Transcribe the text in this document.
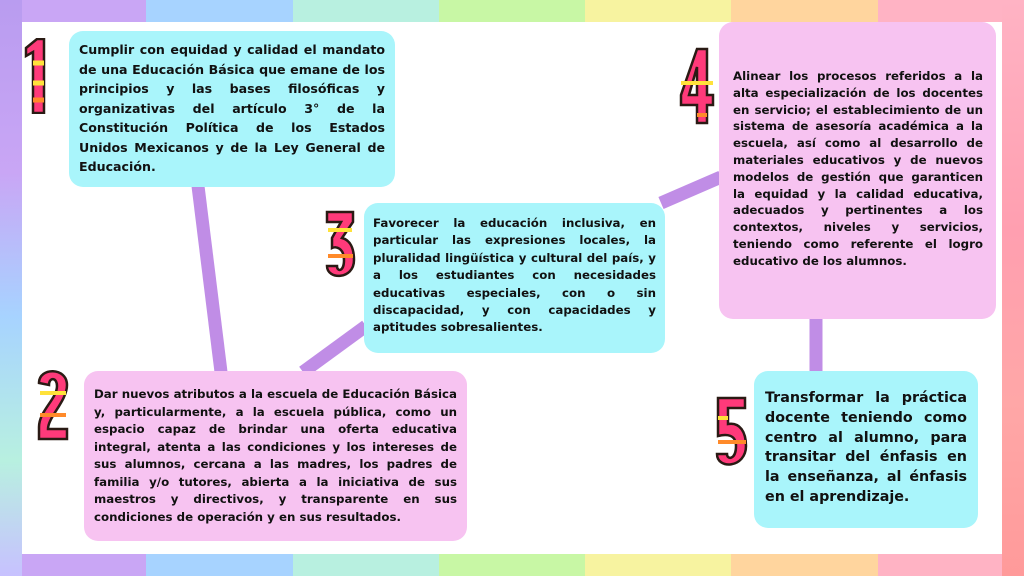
Cumplir con equidad y calidad el mandato de una Educación Básica que emane de los principios y las bases filosóficas y organizativas del artículo 3° de la Constitución Política de los Estados Unidos Mexicanos y de la Ley General de Educación.

Dar nuevos atributos a la escuela de Educación Básica y, particularmente, a la escuela pública, como un espacio capaz de brindar una oferta educativa integral, atenta a las condiciones y los intereses de sus alumnos, cercana a las madres, los padres de familia y/o tutores, abierta a la iniciativa de sus maestros y directivos, y transparente en sus condiciones de operación y en sus resultados.

Favorecer la educación inclusiva, en particular las expresiones locales, la pluralidad lingüística y cultural del país, y a los estudiantes con necesidades educativas especiales, con o sin discapacidad, y con capacidades y aptitudes sobresalientes.

Alinear los procesos referidos a la alta especialización de los docentes en servicio; el establecimiento de un sistema de asesoría académica a la escuela, así como al desarrollo de materiales educativos y de nuevos modelos de gestión que garanticen la equidad y la calidad educativa, adecuados y pertinentes a los contextos, niveles y servicios, teniendo como referente el logro educativo de los alumnos.

Transformar la práctica docente teniendo como centro al alumno, para transitar del énfasis en la enseñanza, al énfasis en el aprendizaje.
